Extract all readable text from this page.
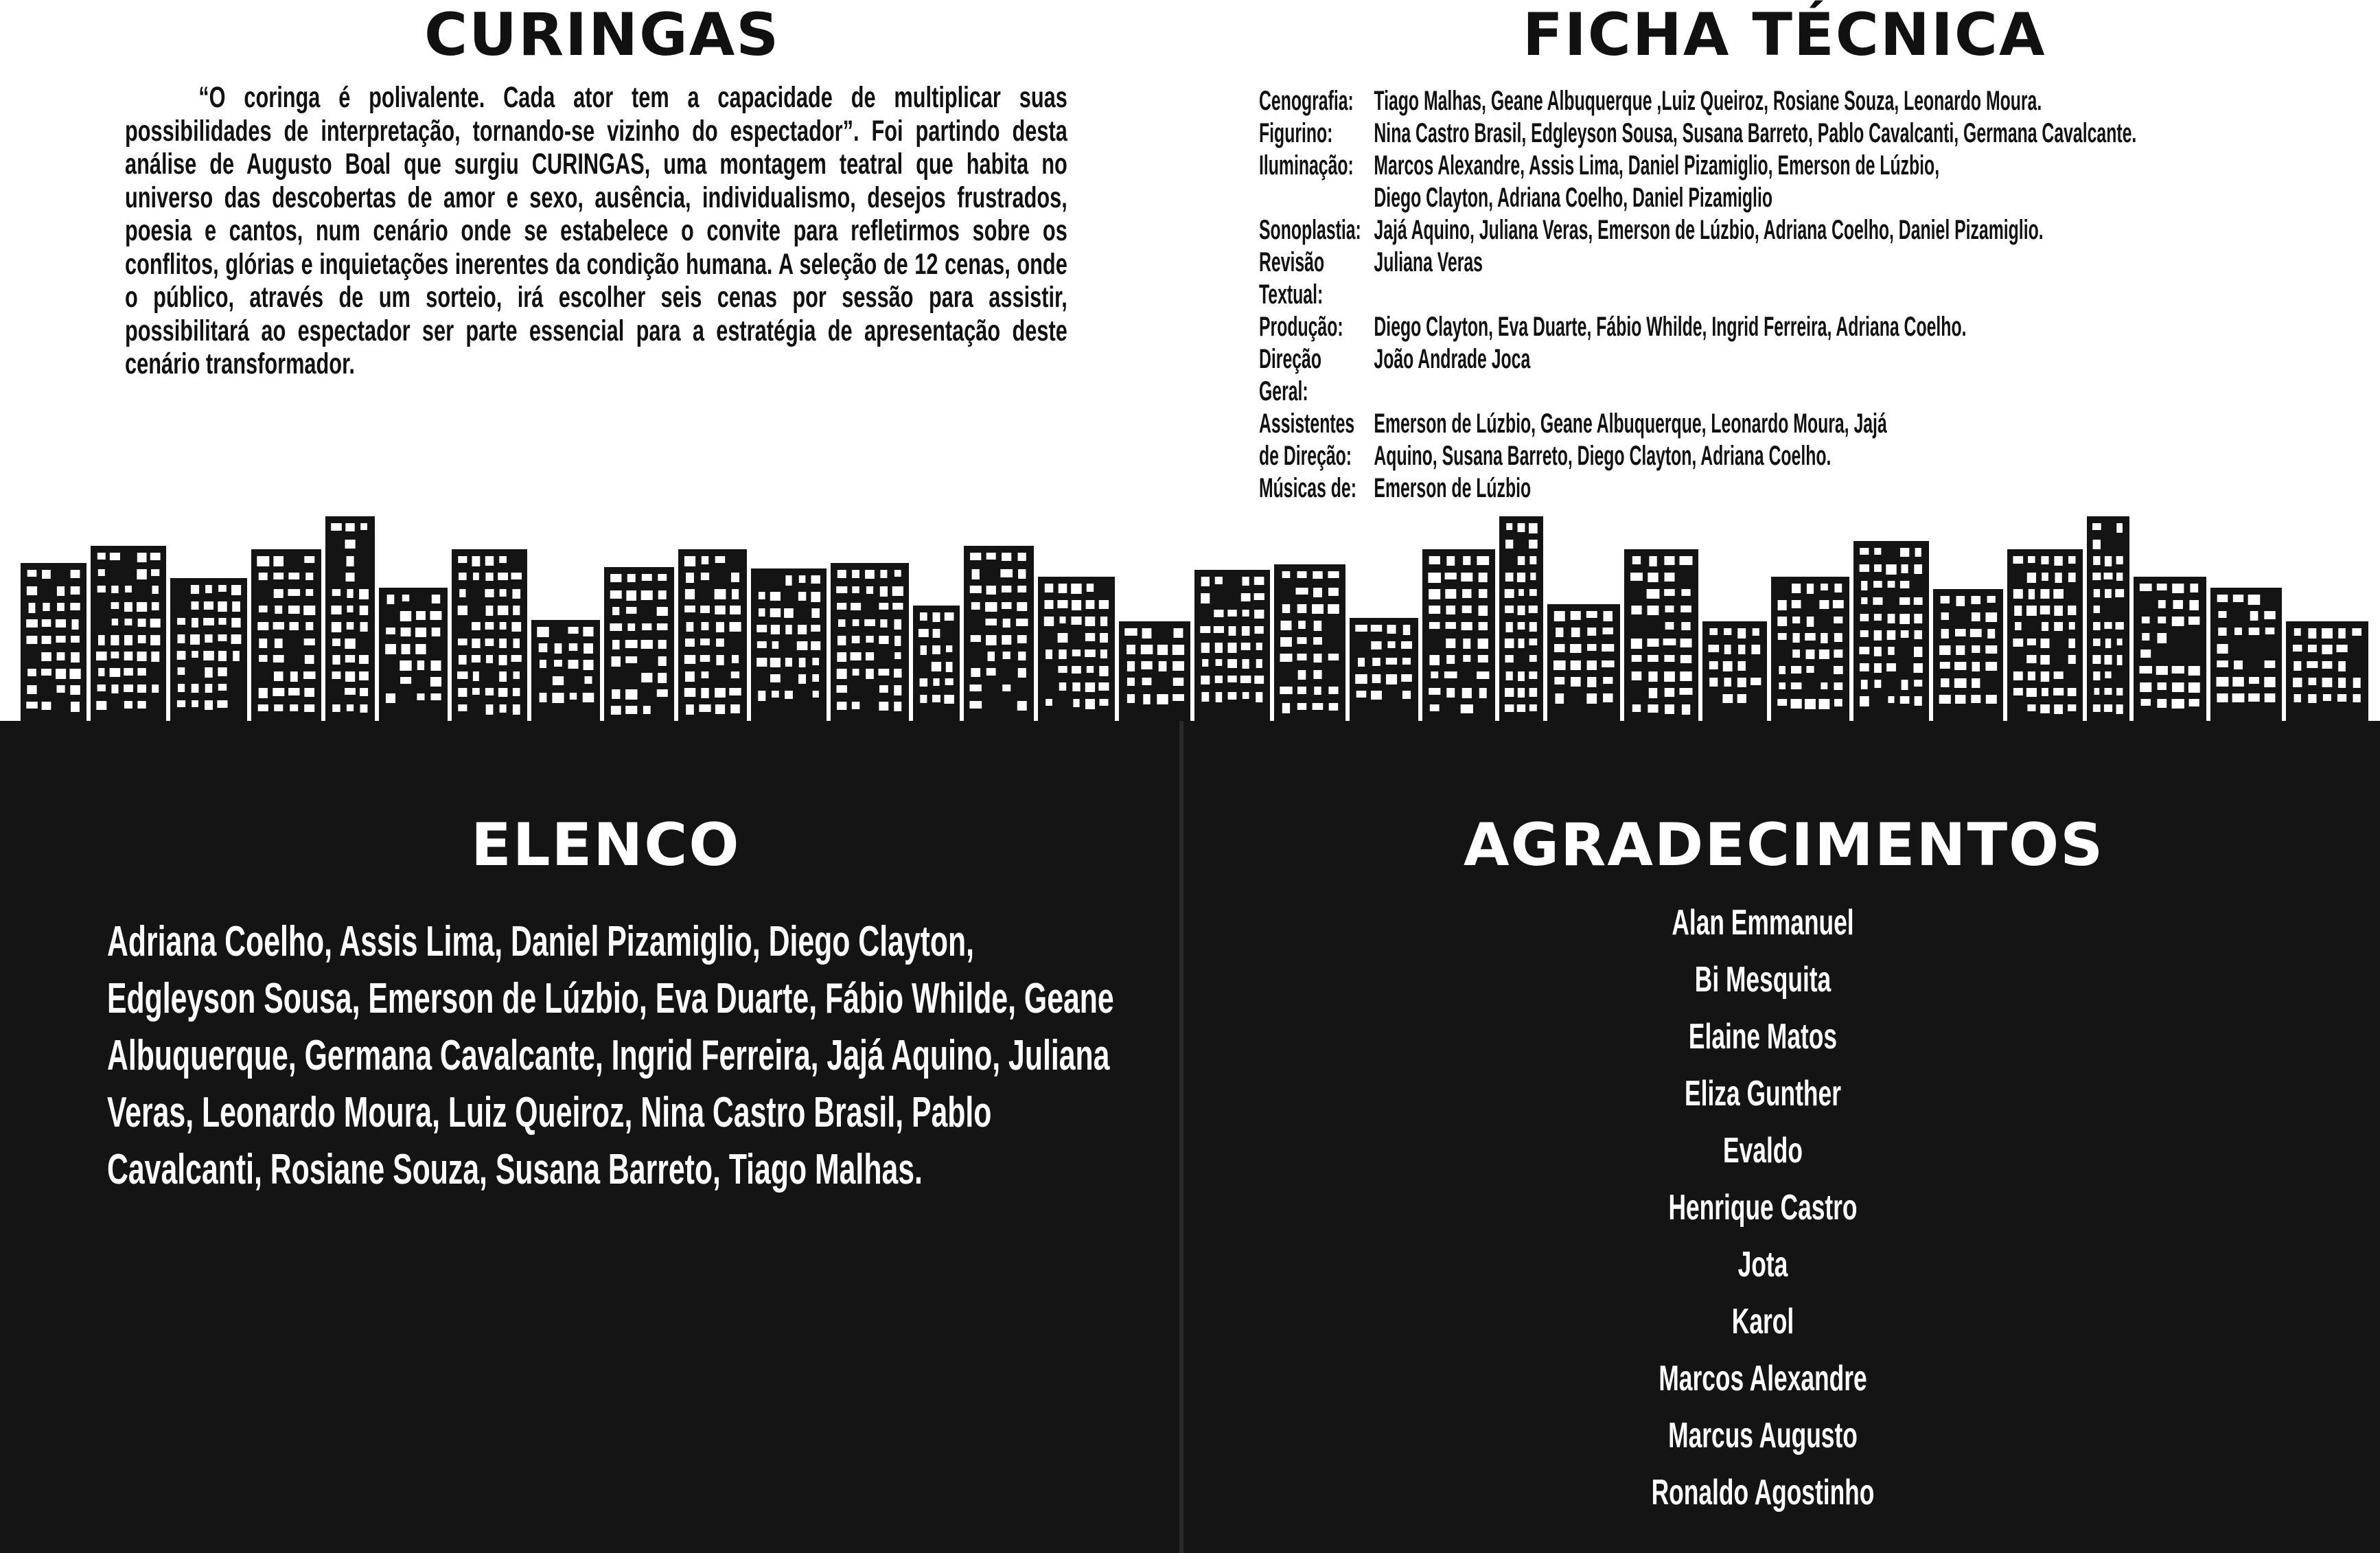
CURINGAS

“O coringa é polivalente. Cada ator tem a capacidade de multiplicar suas possibilidades de interpretação, tornando-se vizinho do espectador”. Foi partindo desta análise de Augusto Boal que surgiu CURINGAS, uma montagem teatral que habita no universo das descobertas de amor e sexo, ausência, individualismo, desejos frustrados, poesia e cantos, num cenário onde se estabelece o convite para refletirmos sobre os conflitos, glórias e inquietações inerentes da condição humana. A seleção de 12 cenas, onde o público, através de um sorteio, irá escolher seis cenas por sessão para assistir, possibilitará ao espectador ser parte essencial para a estratégia de apresentação deste cenário transformador.

FICHA TÉCNICA
Cenografia: Tiago Malhas, Geane Albuquerque ,Luiz Queiroz, Rosiane Souza, Leonardo Moura.
Figurino:	Nina Castro Brasil, Edgleyson Sousa, Susana Barreto, Pablo Cavalcanti, Germana Cavalcante.
Iluminação: Marcos Alexandre, Assis Lima, Daniel Pizamiglio, Emerson de Lúzbio, Diego Clayton, Adriana Coelho, Daniel Pizamiglio
Sonoplastia: Jajá Aquino, Juliana Veras, Emerson de Lúzbio, Adriana Coelho, Daniel Pizamiglio.
Revisão Textual:
Juliana Veras
Produção:	Diego Clayton, Eva Duarte, Fábio Whilde, Ingrid Ferreira, Adriana Coelho.
Direção Geral:
João Andrade Joca
Assistentes Emerson de Lúzbio, Geane Albuquerque, Leonardo Moura, Jajá
de Direção: Aquino, Susana Barreto, Diego Clayton, Adriana Coelho.
Músicas de: Emerson de Lúzbio
ELENCO

Adriana Coelho, Assis Lima, Daniel Pizamiglio, Diego Clayton, Edgleyson Sousa, Emerson de Lúzbio, Eva Duarte, Fábio Whilde, Geane Albuquerque, Germana Cavalcante, Ingrid Ferreira, Jajá Aquino, Juliana Veras, Leonardo Moura, Luiz Queiroz, Nina Castro Brasil, Pablo Cavalcanti, Rosiane Souza, Susana Barreto, Tiago Malhas.

AGRADECIMENTOS
Alan Emmanuel
Bi Mesquita
Elaine Matos
Eliza Gunther
Evaldo
Henrique Castro
Jota
Karol
Marcos Alexandre
Marcus Augusto
Ronaldo Agostinho
